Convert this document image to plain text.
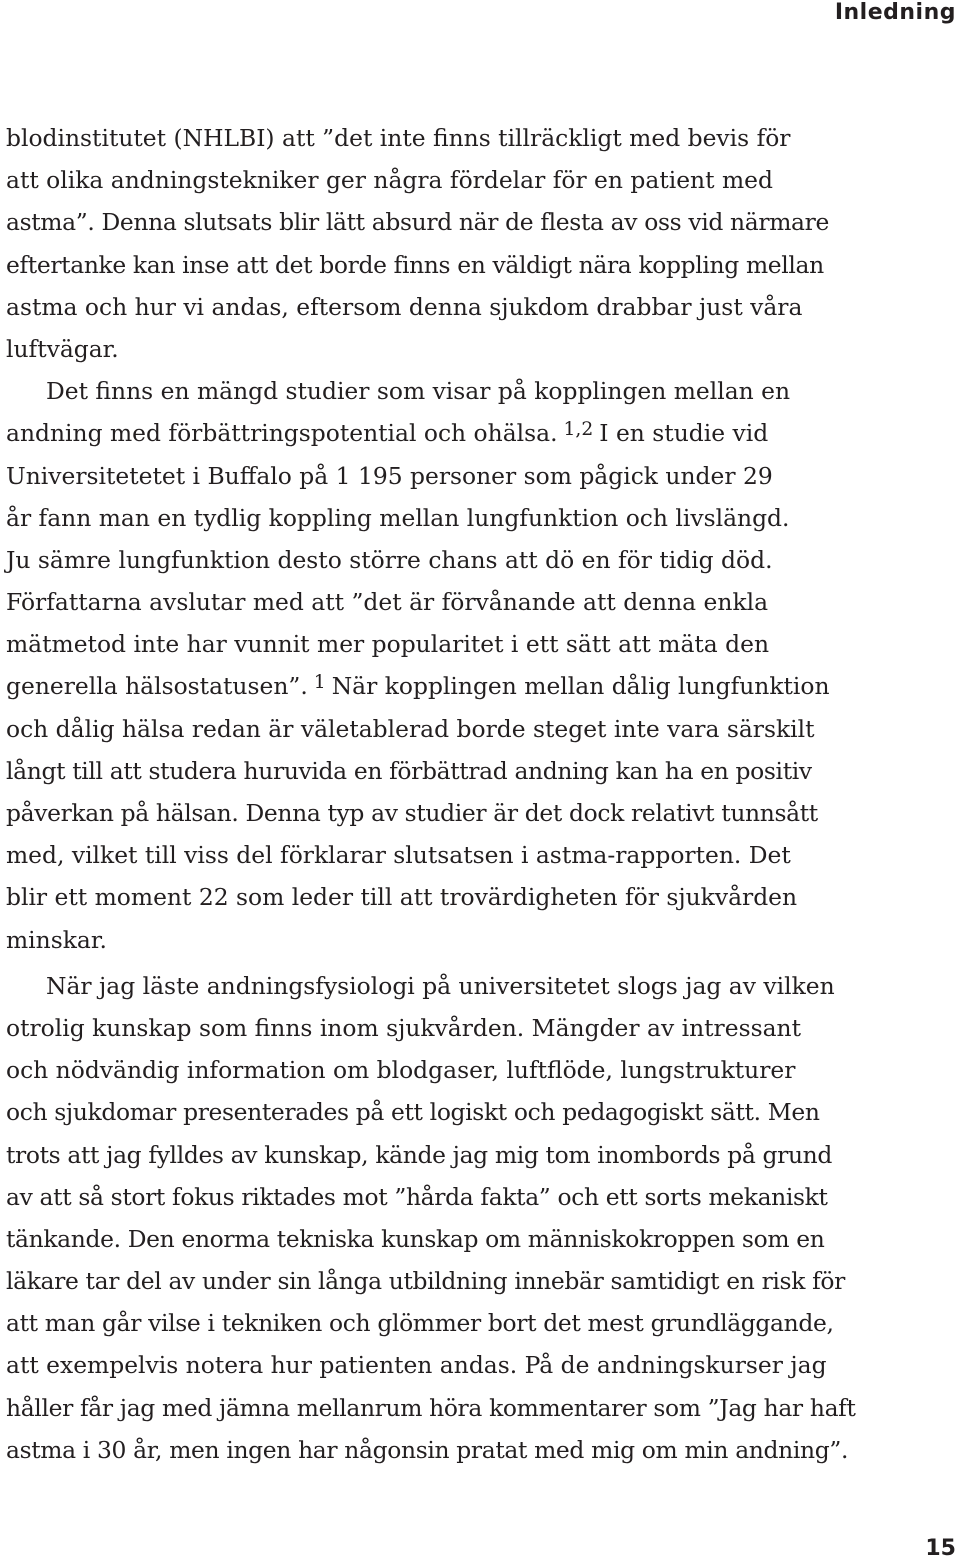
Inledning
blodinstitutet (NHLBI) att ”det inte finns tillräckligt med bevis för
att olika andningstekniker ger några fördelar för en patient med
astma”. Denna slutsats blir lätt absurd när de flesta av oss vid närmare
eftertanke kan inse att det borde finns en väldigt nära koppling mellan
astma och hur vi andas, eftersom denna sjukdom drabbar just våra
luftvägar.
Det finns en mängd studier som visar på kopplingen mellan en
andning med förbättringspotential och ohälsa. $^{1,2}$ I en studie vid
Universitetetet i Buffalo på 1 195 personer som pågick under 29
år fann man en tydlig koppling mellan lungfunktion och livslängd.
Ju sämre lungfunktion desto större chans att dö en för tidig död.
Författarna avslutar med att ”det är förvånande att denna enkla
mätmetod inte har vunnit mer popularitet i ett sätt att mäta den
generella hälsostatusen”. $^1$ När kopplingen mellan dålig lungfunktion
och dålig hälsa redan är väletablerad borde steget inte vara särskilt
långt till att studera huruvida en förbättrad andning kan ha en positiv
påverkan på hälsan. Denna typ av studier är det dock relativt tunnsått
med, vilket till viss del förklarar slutsatsen i astma-rapporten. Det
blir ett moment 22 som leder till att trovärdigheten för sjukvården
minskar.
När jag läste andningsfysiologi på universitetet slogs jag av vilken
otrolig kunskap som finns inom sjukvården. Mängder av intressant
och nödvändig information om blodgaser, luftflöde, lungstrukturer
och sjukdomar presenterades på ett logiskt och pedagogiskt sätt. Men
trots att jag fylldes av kunskap, kände jag mig tom inombords på grund
av att så stort fokus riktades mot ”hårda fakta” och ett sorts mekaniskt
tänkande. Den enorma tekniska kunskap om människokroppen som en
läkare tar del av under sin långa utbildning innebär samtidigt en risk för
att man går vilse i tekniken och glömmer bort det mest grundläggande,
att exempelvis notera hur patienten andas. På de andningskurser jag
håller får jag med jämna mellanrum höra kommentarer som ”Jag har haft
astma i 30 år, men ingen har någonsin pratat med mig om min andning”.
15
